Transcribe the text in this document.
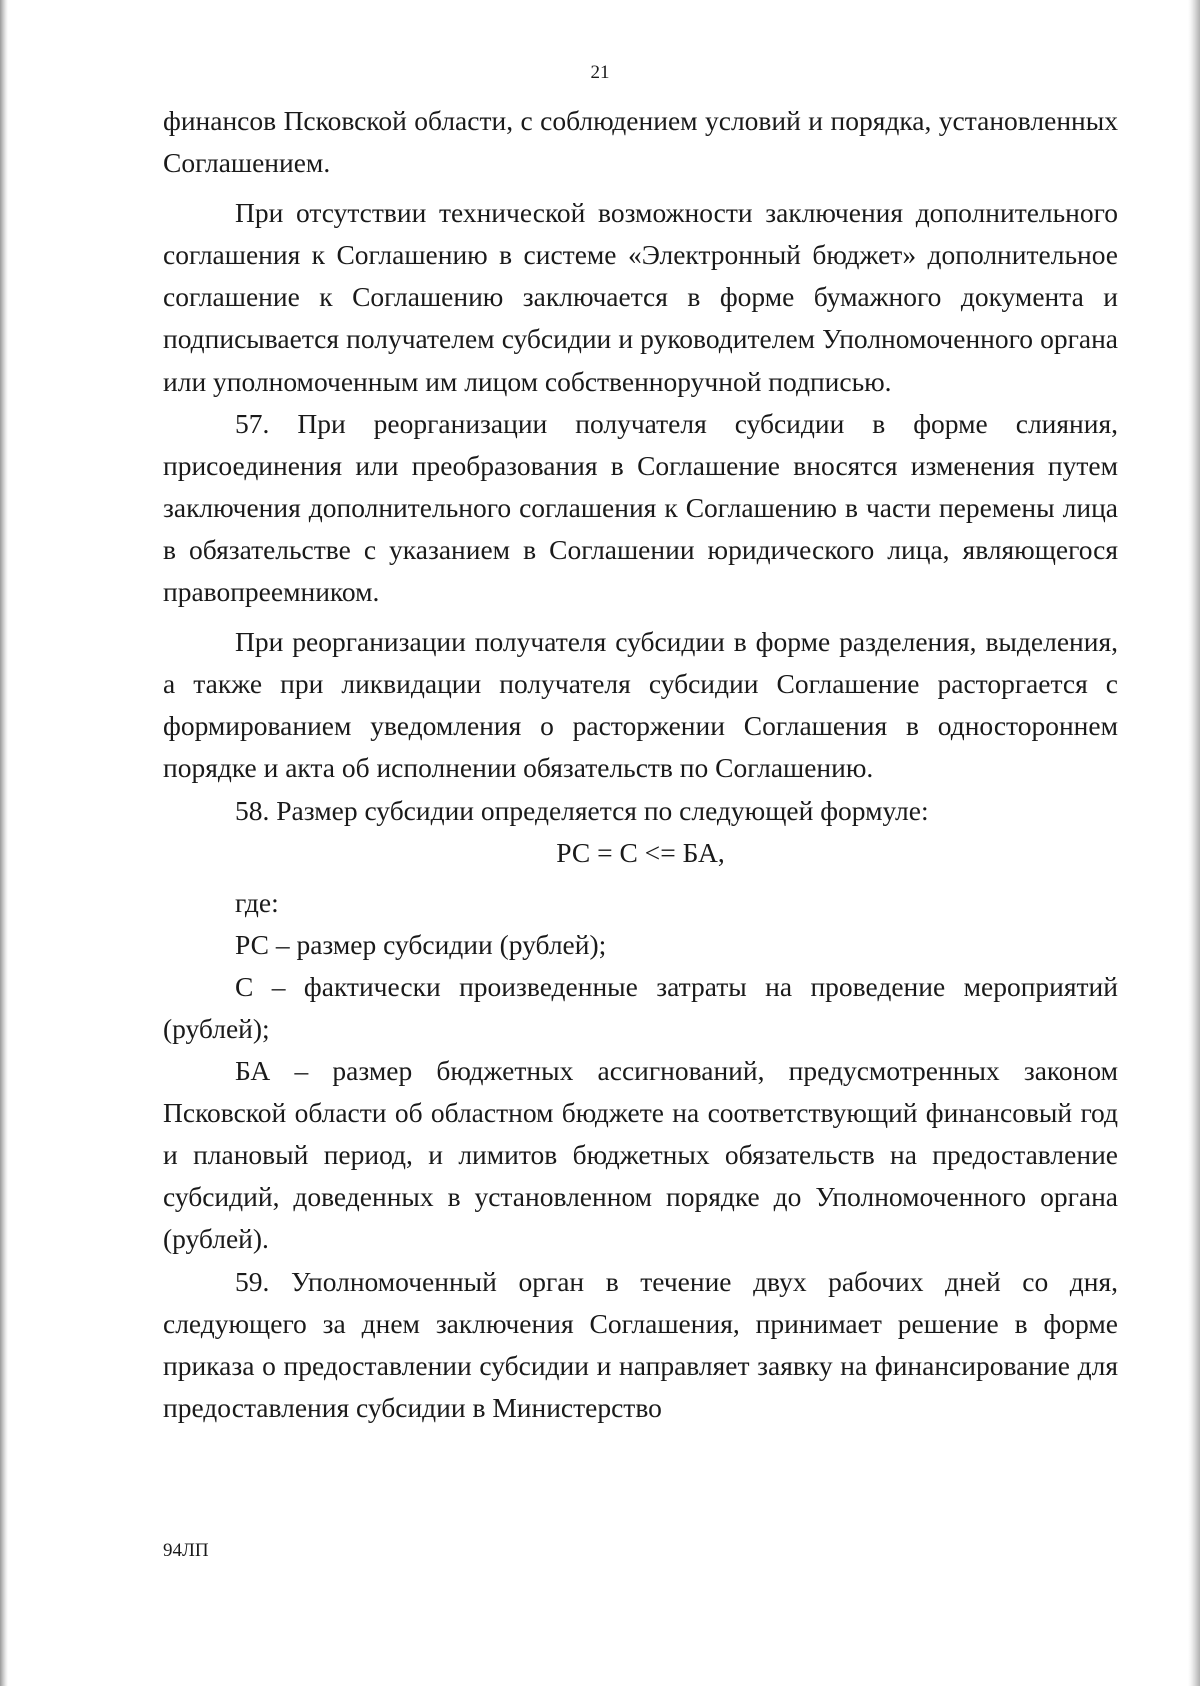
21

финансов Псковской области, с соблюдением условий и порядка, установленных Соглашением.

При отсутствии технической возможности заключения дополнительного соглашения к Соглашению в системе «Электронный бюджет» дополнительное соглашение к Соглашению заключается в форме бумажного документа и подписывается получателем субсидии и руководителем Уполномоченного органа или уполномоченным им лицом собственноручной подписью.

57. При реорганизации получателя субсидии в форме слияния, присоединения или преобразования в Соглашение вносятся изменения путем заключения дополнительного соглашения к Соглашению в части перемены лица в обязательстве с указанием в Соглашении юридического лица, являющегося правопреемником.

При реорганизации получателя субсидии в форме разделения, выделения, а также при ликвидации получателя субсидии Соглашение расторгается с формированием уведомления о расторжении Соглашения в одностороннем порядке и акта об исполнении обязательств по Соглашению.

58. Размер субсидии определяется по следующей формуле:

РС = С <= БА,

где:

РС – размер субсидии (рублей);

С – фактически произведенные затраты на проведение мероприятий (рублей);

БА – размер бюджетных ассигнований, предусмотренных законом Псковской области об областном бюджете на соответствующий финансовый год и плановый период, и лимитов бюджетных обязательств на предоставление субсидий, доведенных в установленном порядке до Уполномоченного органа (рублей).

59. Уполномоченный орган в течение двух рабочих дней со дня, следующего за днем заключения Соглашения, принимает решение в форме приказа о предоставлении субсидии и направляет заявку на финансирование для предоставления субсидии в Министерство

94ЛП
